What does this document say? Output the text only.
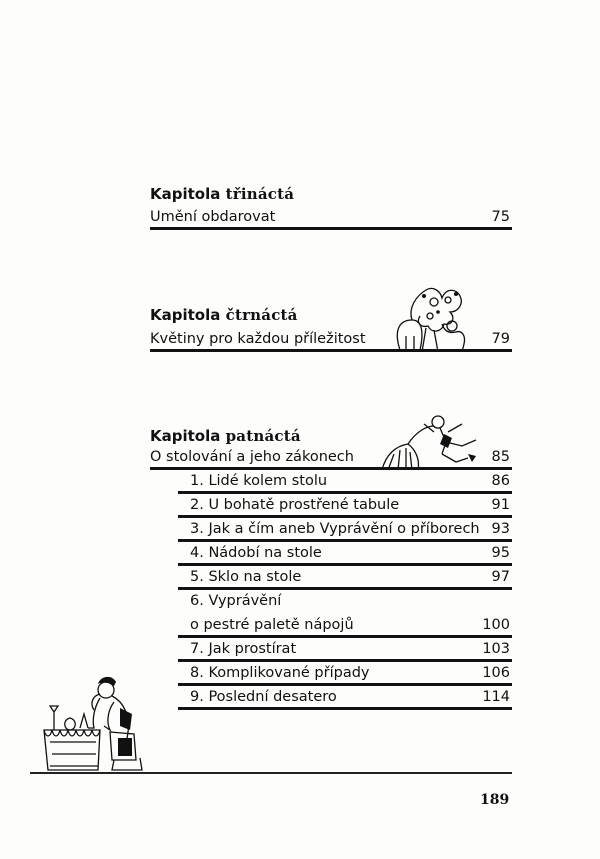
Kapitola třináctá
Umění obdarovat	75
Kapitola čtrnáctá
Květiny pro každou příležitost	79
Kapitola patnáctá
O stolování a jeho zákonech	85
1. Lidé kolem stolu	86
2. U bohatě prostřené tabule	91
3. Jak a čím aneb Vyprávění o příborech 93
4. Nádobí na stole	95
5. Sklo na stole	97
6. Vyprávění
o pestré paletě nápojů	100
7. Jak prostírat	103
8. Komplikované případy	106
9. Poslední desatero	114
189
